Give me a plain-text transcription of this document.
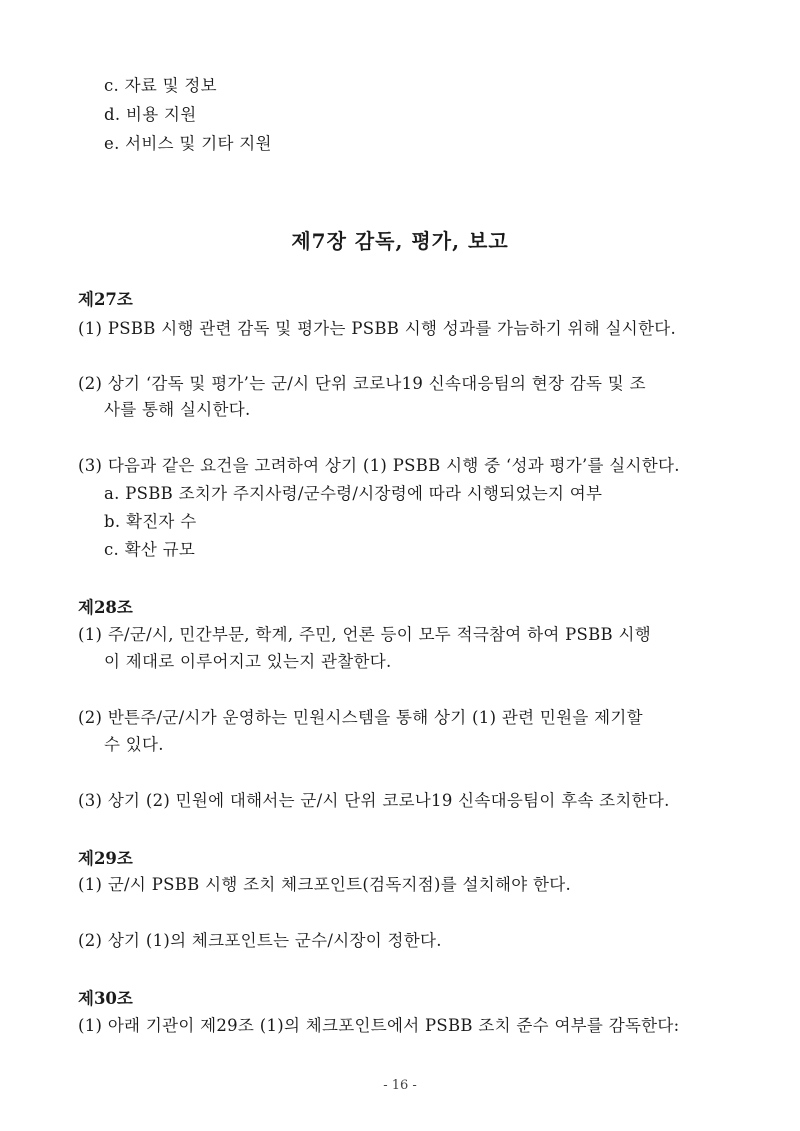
c. 자료 및 정보
d. 비용 지원
e. 서비스 및 기타 지원
제7장 감독, 평가, 보고
제27조
(1) PSBB 시행 관련 감독 및 평가는 PSBB 시행 성과를 가늠하기 위해 실시한다.
(2) 상기 ‘감독 및 평가’는 군/시 단위 코로나19 신속대응팀의 현장 감독 및 조
사를 통해 실시한다.
(3) 다음과 같은 요건을 고려하여 상기 (1) PSBB 시행 중 ‘성과 평가’를 실시한다.
a. PSBB 조치가 주지사령/군수령/시장령에 따라 시행되었는지 여부
b. 확진자 수
c. 확산 규모
제28조
(1) 주/군/시, 민간부문, 학계, 주민, 언론 등이 모두 적극참여 하여 PSBB 시행
이 제대로 이루어지고 있는지 관찰한다.
(2) 반튼주/군/시가 운영하는 민원시스템을 통해 상기 (1) 관련 민원을 제기할
수 있다.
(3) 상기 (2) 민원에 대해서는 군/시 단위 코로나19 신속대응팀이 후속 조치한다.
제29조
(1) 군/시 PSBB 시행 조치 체크포인트(검독지점)를 설치해야 한다.
(2) 상기 (1)의 체크포인트는 군수/시장이 정한다.
제30조
(1) 아래 기관이 제29조 (1)의 체크포인트에서 PSBB 조치 준수 여부를 감독한다:
- 16 -
